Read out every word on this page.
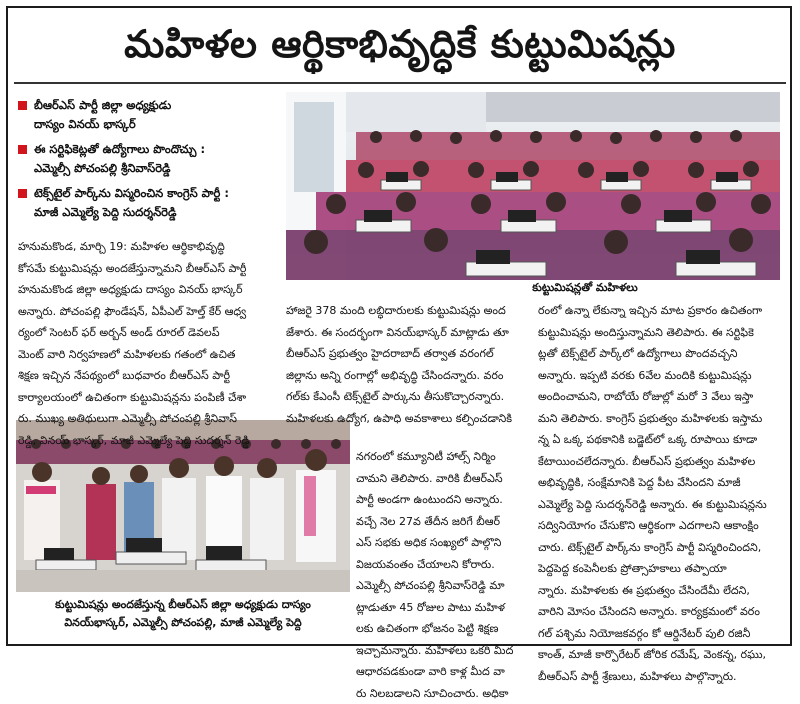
మహిళల ఆర్థికాభివృద్ధికే కుట్టుమిషన్లు
బీఆర్ఎస్ పార్టీ జిల్లా అధ్యక్షుడు
దాస్యం వినయ్ భాస్కర్
ఈ సర్టిఫికెట్లతో ఉద్యోగాలు పొందొచ్చు :
ఎమ్మెల్సీ పోచంపల్లి శ్రీనివాస్‌రెడ్డి
టెక్స్‌టైల్ పార్క్‌ను విస్మరించిన కాంగ్రెస్ పార్టీ :
మాజీ ఎమ్మెల్యే పెద్ది సుదర్శన్‌రెడ్డి
కుట్టుమిషన్లతో మహిళలు
కుట్టుమిషన్లు అందజేస్తున్న బీఆర్ఎస్ జిల్లా అధ్యక్షుడు దాస్యం
వినయ్‌భాస్కర్, ఎమ్మెల్సీ పోచంపల్లి, మాజీ ఎమ్మెల్యే పెద్ది
హనుమకొండ, మార్చి 19: మహిళల ఆర్థికాభివృద్ధి
కోసమే కుట్టుమిషన్లు అందజేస్తున్నామని బీఆర్ఎస్ పార్టీ
హనుమకొండ జిల్లా అధ్యక్షుడు దాస్యం వినయ్ భాస్కర్
అన్నారు. పోచంపల్లి ఫౌండేషన్, ఏపీఎల్ హెల్త్ కేర్ ఆధ్వ
ర్యంలో సెంటర్ ఫర్ అర్బన్ అండ్ రూరల్ డెవలప్
మెంట్ వారి నిర్వహణలో మహిళలకు గతంలో ఉచిత
శిక్షణ ఇచ్చిన నేపథ్యంలో బుధవారం బీఆర్ఎస్ పార్టీ
కార్యాలయంలో ఉచితంగా కుట్టుమిషన్లను పంపిణీ చేశా
రు. ముఖ్య అతిథులుగా ఎమ్మెల్సీ పోచంపల్లి శ్రీనివాస్
రెడ్డి, వినయ్ భాస్కర్, మాజీ ఎమ్మెల్యే పెద్ది సుదర్శన్ రెడ్డి
హాజరై 378 మంది లబ్ధిదారులకు కుట్టుమిషన్లు అంద
జేశారు. ఈ సందర్భంగా వినయ్‌భాస్కర్ మాట్లాడు తూ
బీఆర్ఎస్ ప్రభుత్వం హైదరాబాద్ తర్వాత వరంగల్
జిల్లాను అన్ని రంగాల్లో అభివృద్ధి చేసిందన్నారు. వరం
గల్‌కు కేఎంసీ టెక్స్‌టైల్ పార్కును తీసుకొచ్చారన్నారు.
మహిళలకు ఉద్యోగ, ఉపాధి అవకాశాలు కల్పించడానికి
నగరంలో కమ్యూనిటీ హాల్స్ నిర్మిం
చామని తెలిపారు. వారికి బీఆర్ఎస్
పార్టీ అండగా ఉంటుందని అన్నారు.
వచ్చే నెల 27వ తేదీన జరిగే బీఆర్
ఎస్ సభకు అధిక సంఖ్యలో పాల్గొని
విజయవంతం చేయాలని కోరారు.
ఎమ్మెల్సీ పోచంపల్లి శ్రీనివాస్‌రెడ్డి మా
ట్లాడుతూ 45 రోజుల పాటు మహిళ
లకు ఉచితంగా భోజనం పెట్టి శిక్షణ
ఇచ్చామన్నారు. మహిళలు ఒకరి మీద
ఆధారపడకుండా వారి కాళ్ల మీద వా
రు నిలబడాలని సూచించారు. అధికా
రంలో ఉన్నా లేకున్నా ఇచ్చిన మాట ప్రకారం ఉచితంగా
కుట్టుమిషన్లు అందిస్తున్నామని తెలిపారు. ఈ సర్టిఫికె
ట్లతో టెక్స్‌టైల్ పార్క్‌లో ఉద్యోగాలు పొందవచ్చని
అన్నారు. ఇప్పటి వరకు 6వేల మందికి కుట్టుమిషన్లు
అందించామని, రాబోయే రోజుల్లో మరో 3 వేలు ఇస్తా
మని తెలిపారు. కాంగ్రెస్ ప్రభుత్వం మహిళలకు ఇస్తామ
న్న ఏ ఒక్క పథకానికి బడ్జెట్‌లో ఒక్క రూపాయి కూడా
కేటాయించలేదన్నారు. బీఆర్ఎస్ ప్రభుత్వం మహిళల
అభివృద్ధికి, సంక్షేమానికి పెద్ద పీట వేసిందని మాజీ
ఎమ్మెల్యే పెద్ది సుదర్శన్‌రెడ్డి అన్నారు. ఈ కుట్టుమిషన్లను
సద్వినియోగం చేసుకొని ఆర్థికంగా ఎదగాలని ఆకాంక్షిం
చారు. టెక్స్‌టైల్ పార్క్‌ను కాంగ్రెస్ పార్టీ విస్మరించిందని,
పెద్దపెద్ద కంపెనీలకు ప్రోత్సాహకాలు తప్పాయా
న్నారు. మహిళలకు ఈ ప్రభుత్వం చేసిందేమీ లేదని,
వారిని మోసం చేసిందని అన్నారు. కార్యక్రమంలో వరం
గల్ పశ్చిమ నియోజకవర్గం కో ఆర్డినేటర్ పులి రజినీ
కాంత్, మాజీ కార్పొరేటర్ జోరిక రమేష్, వెంకన్న, రఘు,
బీఆర్ఎస్ పార్టీ శ్రేణులు, మహిళలు పాల్గొన్నారు.
